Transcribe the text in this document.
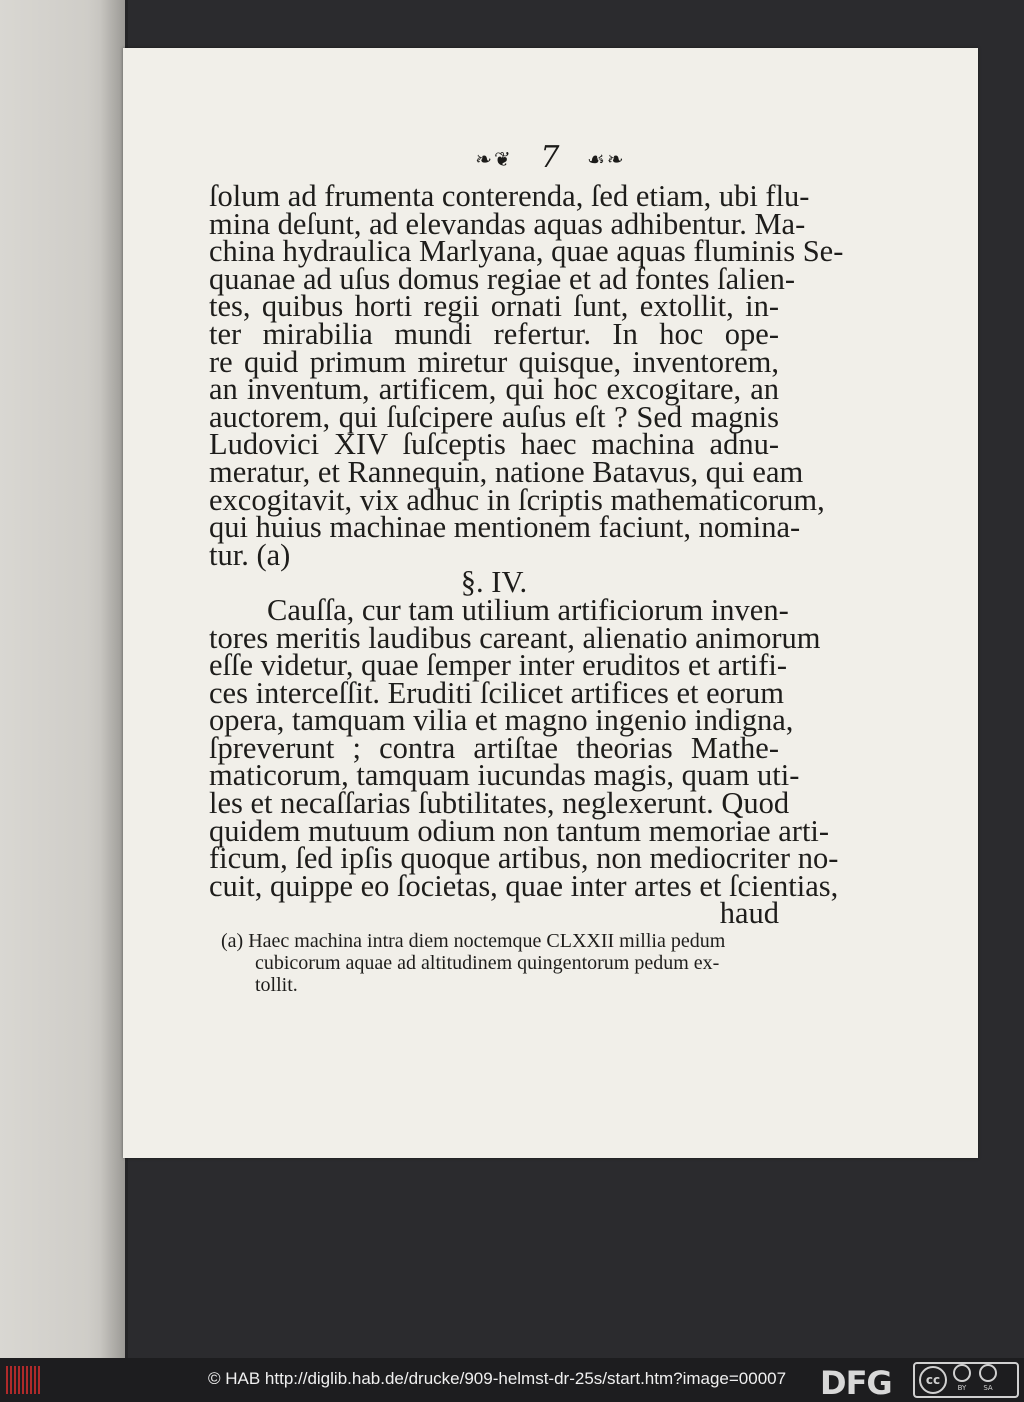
❧❦ 7 ☙❧
ſolum ad frumenta conterenda, ſed etiam, ubi flu-
mina deſunt, ad elevandas aquas adhibentur. Ma-
china hydraulica Marlyana, quae aquas fluminis Se-
quanae ad uſus domus regiae et ad fontes ſalien-
tes, quibus horti regii ornati ſunt, extollit, in-
ter mirabilia mundi refertur. In hoc ope-
re quid primum miretur quisque, inventorem,
an inventum, artificem, qui hoc excogitare, an
auctorem, qui ſuſcipere auſus eſt ? Sed magnis
Ludovici XIV ſuſceptis haec machina adnu-
meratur, et Rannequin, natione Batavus, qui eam
excogitavit, vix adhuc in ſcriptis mathematicorum,
qui huius machinae mentionem faciunt, nomina-
tur. (a)
§. IV.
Cauſſa, cur tam utilium artificiorum inven-
tores meritis laudibus careant, alienatio animorum
eſſe videtur, quae ſemper inter eruditos et artifi-
ces interceſſit. Eruditi ſcilicet artifices et eorum
opera, tamquam vilia et magno ingenio indigna,
ſpreverunt ; contra artiſtae theorias Mathe-
maticorum, tamquam iucundas magis, quam uti-
les et necaſſarias ſubtilitates, neglexerunt. Quod
quidem mutuum odium non tantum memoriae arti-
ficum, ſed ipſis quoque artibus, non mediocriter no-
cuit, quippe eo ſocietas, quae inter artes et ſcientias,
haud
(a) Haec machina intra diem noctemque CLXXII millia pedum
cubicorum aquae ad altitudinem quingentorum pedum ex-
tollit.
© HAB http://diglib.hab.de/drucke/909-helmst-dr-25s/start.htm?image=00007 DFG	cc
BY SA
